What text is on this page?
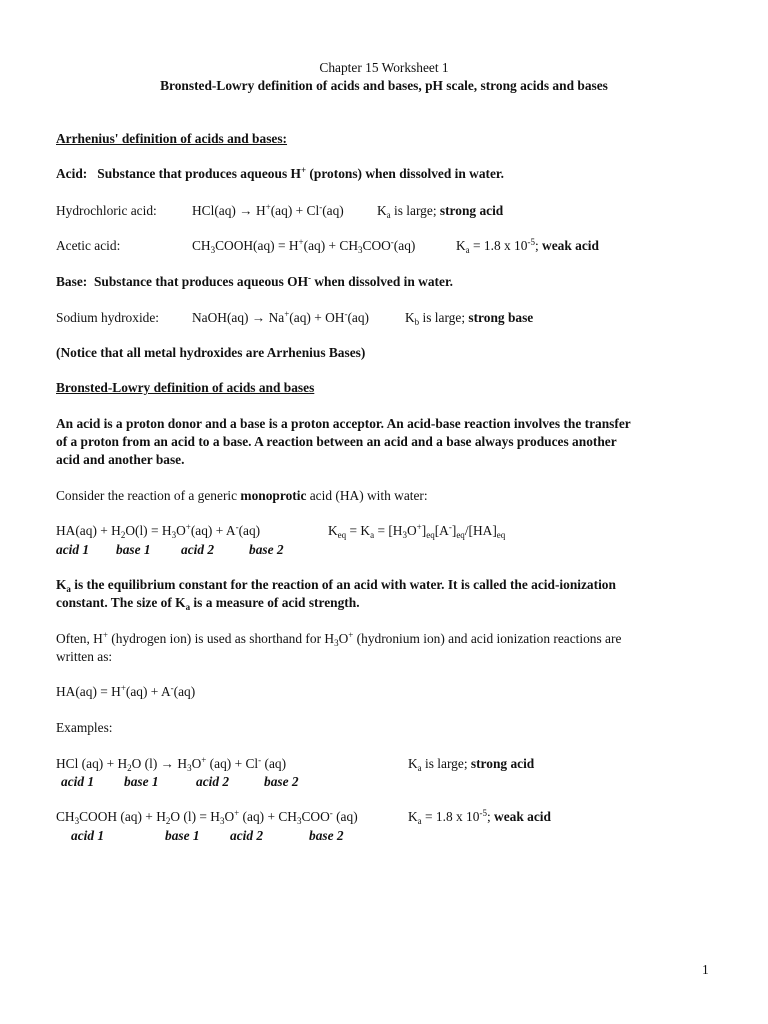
Chapter 15 Worksheet 1
Bronsted-Lowry definition of acids and bases, pH scale, strong acids and bases
Arrhenius' definition of acids and bases:
Acid: Substance that produces aqueous H+ (protons) when dissolved in water.
Hydrochloric acid:	HCl(aq) → H+(aq) + Cl-(aq) $K_a$ is large; strong acid
Acetic acid:	$CH_3COOH(aq) = H^+(aq) + CH_3COO^-(aq)$	$K_a = 1.8$ x $10^{-5}$; weak acid
Base: Substance that produces aqueous OH- when dissolved in water.
Sodium hydroxide: NaOH(aq) → Na+(aq) + OH-(aq)	$K_b$ is large; strong base
(Notice that all metal hydroxides are Arrhenius Bases)
Bronsted-Lowry definition of acids and bases
An acid is a proton donor and a base is a proton acceptor. An acid-base reaction involves the transfer
of a proton from an acid to a base. A reaction between an acid and a base always produces another
acid and another base.
Consider the reaction of a generic monoprotic acid (HA) with water:
$HA(aq) + H_2O(l) = H_3O^+(aq) + A^-(aq)$	$K_{eq} = K_a = [H_3O^+]_{eq}[A^-]_{eq}/[HA]_{eq}$
acid 1 base 1 acid 2	base 2
$K_a$ is the equilibrium constant for the reaction of an acid with water. It is called the acid-ionization
constant. The size of $K_a$ is a measure of acid strength.
Often, H+ (hydrogen ion) is used as shorthand for $H_3O^+$ (hydronium ion) and acid ionization reactions are
written as:
HA(aq) = H+(aq) + A-(aq)
Examples:
HCl $(aq) + H_2O$ $(l) \to H_3O^+$ (aq) + Cl- (aq)	$K_a$ is large; strong acid
acid 1 base 1	acid 2	base 2
$CH_3COOH$ $(aq) + H_2O$ $(l) = H_3O^+$ $(aq) + CH_3COO^-$ (aq)	$K_a = 1.8$ x $10^{-5}$; weak acid
acid 1	base 1 acid 2	base 2
1
